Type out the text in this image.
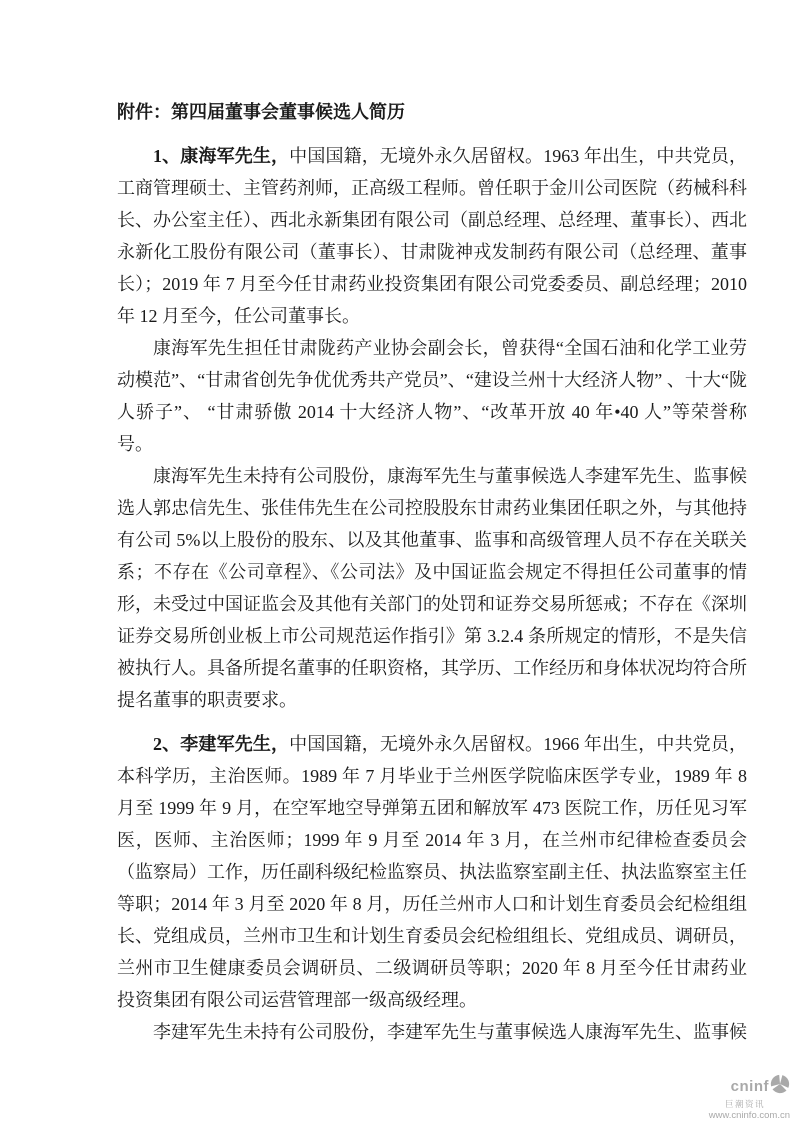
附件：第四届董事会董事候选人简历

1、康海军先生，中国国籍，无境外永久居留权。1963 年出生，中共党员，工商管理硕士、主管药剂师，正高级工程师。曾任职于金川公司医院（药械科科长、办公室主任）、西北永新集团有限公司（副总经理、总经理、董事长）、西北永新化工股份有限公司（董事长）、甘肃陇神戎发制药有限公司（总经理、董事长）；2019 年 7 月至今任甘肃药业投资集团有限公司党委委员、副总经理；2010 年 12 月至今，任公司董事长。

康海军先生担任甘肃陇药产业协会副会长，曾获得“全国石油和化学工业劳动模范”、“甘肃省创先争优优秀共产党员”、“建设兰州十大经济人物” 、十大“陇人骄子”、 “甘肃骄傲 2014 十大经济人物”、“改革开放 40 年•40 人”等荣誉称号。

康海军先生未持有公司股份，康海军先生与董事候选人李建军先生、监事候选人郭忠信先生、张佳伟先生在公司控股股东甘肃药业集团任职之外，与其他持有公司 5%以上股份的股东、以及其他董事、监事和高级管理人员不存在关联关系；不存在《公司章程》、《公司法》及中国证监会规定不得担任公司董事的情形，未受过中国证监会及其他有关部门的处罚和证券交易所惩戒；不存在《深圳证券交易所创业板上市公司规范运作指引》第 3.2.4 条所规定的情形，不是失信被执行人。具备所提名董事的任职资格，其学历、工作经历和身体状况均符合所提名董事的职责要求。

2、李建军先生，中国国籍，无境外永久居留权。1966 年出生，中共党员，本科学历，主治医师。1989 年 7 月毕业于兰州医学院临床医学专业，1989 年 8 月至 1999 年 9 月，在空军地空导弹第五团和解放军 473 医院工作，历任见习军医，医师、主治医师；1999 年 9 月至 2014 年 3 月，在兰州市纪律检查委员会（监察局）工作，历任副科级纪检监察员、执法监察室副主任、执法监察室主任等职；2014 年 3 月至 2020 年 8 月，历任兰州市人口和计划生育委员会纪检组组长、党组成员，兰州市卫生和计划生育委员会纪检组组长、党组成员、调研员，兰州市卫生健康委员会调研员、二级调研员等职；2020 年 8 月至今任甘肃药业投资集团有限公司运营管理部一级高级经理。

李建军先生未持有公司股份，李建军先生与董事候选人康海军先生、监事候

cninf
巨潮资讯
www.cninfo.com.cn
